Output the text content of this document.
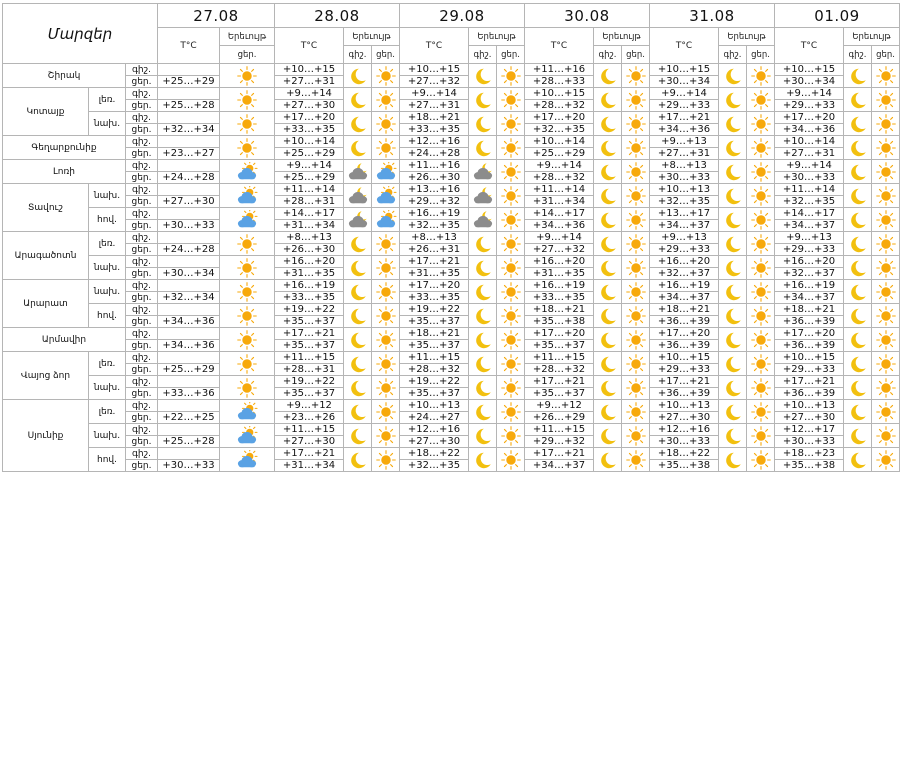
Մարզեր			27.08		28.08			29.08			30.08			31.08			01.09		
			T°C	Երեւույթ	T°C	Երեւույթ		T°C	Երեւույթ		T°C	Երեւույթ		T°C	Երեւույթ		T°C	Երեւույթ	
				ցեր.		գիշ.	ցեր.		գիշ.	ցեր.		գիշ.	ցեր.		գիշ.	ցեր.		գիշ.	ցեր.
Շիրակ		գիշ.			+10…+15			+10…+15			+11…+16			+10…+15			+10…+15	

		ցեր.	+25…+29		+27…+31			+27…+32			+28…+33			+30…+34			+30…+34		
Կոտայք	լեռ.	գիշ.			+9…+14			+9…+14			+10…+15			+9…+14			+9…+14	

		ցեր.	+25…+28		+27…+30			+27…+31			+28…+32			+29…+33			+29…+33		
	նախ.	գիշ.			+17…+20			+18…+21			+17…+20			+17…+21			+17…+20	

		ցեր.	+32…+34		+33…+35			+33…+35			+32…+35			+34…+36			+34…+36		
Գեղարքունիք		գիշ.			+10…+14			+12…+16			+10…+14			+9…+13			+10…+14	

		ցեր.	+23…+27		+25…+29			+24…+28			+25…+29			+27…+31			+27…+31		
Լոռի		գիշ.			+9…+14			+11…+16			+9…+14			+8…+13			+9…+14	

		ցեր.	+24…+28		+25…+29			+26…+30			+28…+32			+30…+33			+30…+33		
Տավուշ	նախ.	գիշ.			+11…+14			+13…+16			+11…+14			+10…+13			+11…+14	

		ցեր.	+27…+30		+28…+31			+29…+32			+31…+34			+32…+35			+32…+35		
	հով.	գիշ.			+14…+17			+16…+19			+14…+17			+13…+17			+14…+17	

		ցեր.	+30…+33		+31…+34			+32…+35			+34…+36			+34…+37			+34…+37		
Արագածոտն	լեռ.	գիշ.			+8…+13			+8…+13			+9…+14			+9…+13			+9…+13	

		ցեր.	+24…+28		+26…+30			+26…+31			+27…+32			+29…+33			+29…+33		
	նախ.	գիշ.			+16…+20			+17…+21			+16…+20			+16…+20			+16…+20	

		ցեր.	+30…+34		+31…+35			+31…+35			+31…+35			+32…+37			+32…+37		
Արարատ	նախ.	գիշ.			+16…+19			+17…+20			+16…+19			+16…+19			+16…+19	

		ցեր.	+32…+34		+33…+35			+33…+35			+33…+35			+34…+37			+34…+37		
	հով.	գիշ.			+19…+22			+19…+22			+18…+21			+18…+21			+18…+21	

		ցեր.	+34…+36		+35…+37			+35…+37			+35…+38			+36…+39			+36…+39		
Արմավիր		գիշ.			+17…+21			+18…+21			+17…+20			+17…+20			+17…+20	

		ցեր.	+34…+36		+35…+37			+35…+37			+35…+37			+36…+39			+36…+39		
Վայոց ձոր	լեռ.	գիշ.			+11…+15			+11…+15			+11…+15			+10…+15			+10…+15	

		ցեր.	+25…+29		+28…+31			+28…+32			+28…+32			+29…+33			+29…+33		
	նախ.	գիշ.			+19…+22			+19…+22			+17…+21			+17…+21			+17…+21	

		ցեր.	+33…+36		+35…+37			+35…+37			+35…+37			+36…+39			+36…+39		
Սյունիք	լեռ.	գիշ.			+9…+12			+10…+13			+9…+12			+10…+13			+10…+13	

		ցեր.	+22…+25		+23…+26			+24…+27			+26…+29			+27…+30			+27…+30		
	նախ.	գիշ.			+11…+15			+12…+16			+11…+15			+12…+16			+12…+17	

		ցեր.	+25…+28		+27…+30			+27…+30			+29…+32			+30…+33			+30…+33		
	հով.	գիշ.			+17…+21			+18…+22			+17…+21			+18…+22			+18…+23	

		ցեր.	+30…+33		+31…+34			+32…+35			+34…+37			+35…+38			+35…+38		
